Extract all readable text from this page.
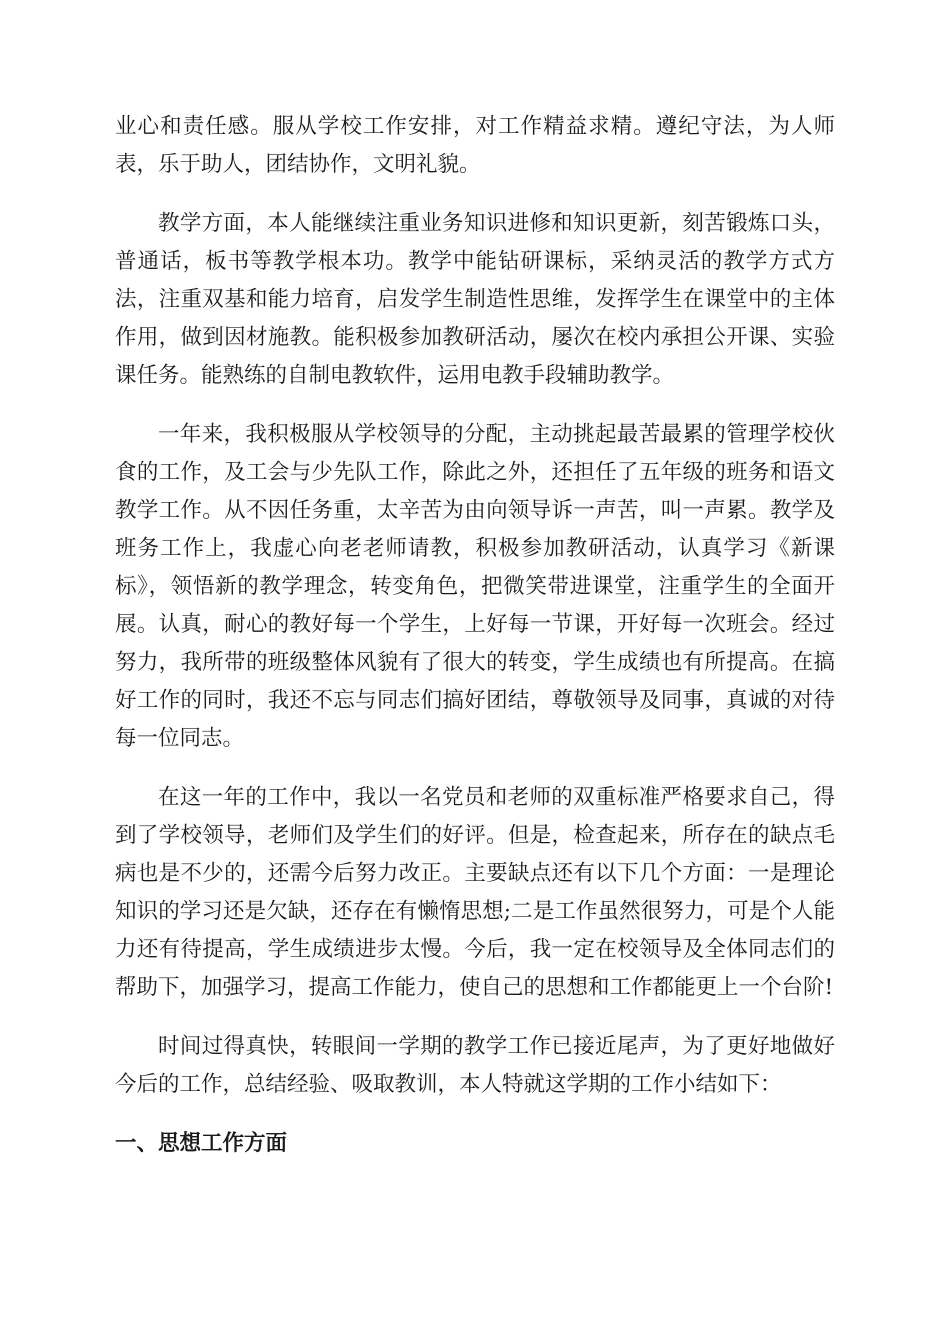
业心和责任感。服从学校工作安排，对工作精益求精。遵纪守法，为人师表，乐于助人，团结协作，文明礼貌。

教学方面，本人能继续注重业务知识进修和知识更新，刻苦锻炼口头，普通话，板书等教学根本功。教学中能钻研课标，采纳灵活的教学方式方法，注重双基和能力培育，启发学生制造性思维，发挥学生在课堂中的主体作用，做到因材施教。能积极参加教研活动，屡次在校内承担公开课、实验课任务。能熟练的自制电教软件，运用电教手段辅助教学。

一年来，我积极服从学校领导的分配，主动挑起最苦最累的管理学校伙食的工作，及工会与少先队工作，除此之外，还担任了五年级的班务和语文教学工作。从不因任务重，太辛苦为由向领导诉一声苦，叫一声累。教学及班务工作上，我虚心向老老师请教，积极参加教研活动，认真学习《新课标》，领悟新的教学理念，转变角色，把微笑带进课堂，注重学生的全面开展。认真，耐心的教好每一个学生，上好每一节课，开好每一次班会。经过努力，我所带的班级整体风貌有了很大的转变，学生成绩也有所提高。在搞好工作的同时，我还不忘与同志们搞好团结，尊敬领导及同事，真诚的对待每一位同志。

在这一年的工作中，我以一名党员和老师的双重标准严格要求自己，得到了学校领导，老师们及学生们的好评。但是，检查起来，所存在的缺点毛病也是不少的，还需今后努力改正。主要缺点还有以下几个方面：一是理论知识的学习还是欠缺，还存在有懒惰思想;二是工作虽然很努力，可是个人能力还有待提高，学生成绩进步太慢。今后，我一定在校领导及全体同志们的帮助下，加强学习，提高工作能力，使自己的思想和工作都能更上一个台阶!

时间过得真快，转眼间一学期的教学工作已接近尾声，为了更好地做好今后的工作，总结经验、吸取教训，本人特就这学期的工作小结如下：

一、思想工作方面
